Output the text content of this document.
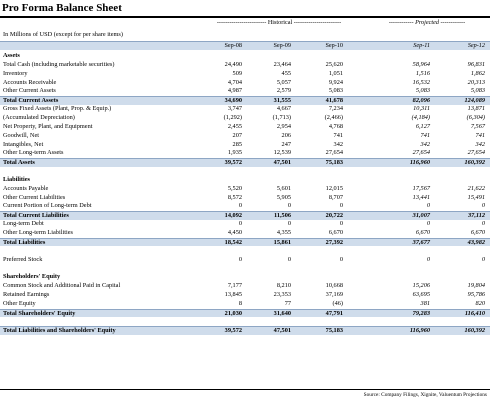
Pro Forma Balance Sheet
------------------------ Historical -----------------------	------------ Projected ------------
In Millions of USD (except for per share items)
Sep-08	Sep-09	Sep-10	Sep-11	Sep-12
Assets
Total Cash (including marketable securities)	24,490	23,464	25,620	58,964	96,831
Inventory	509	455	1,051	1,516	1,862
Accounts Receivable	4,704	5,057	9,924	16,532	20,313
Other Current Assets	4,987	2,579	5,083	5,083	5,083
Total Current Assets	34,690	31,555	41,678	82,096	124,089
Gross Fixed Assets (Plant, Prop. & Equip.)	3,747	4,667	7,234	10,311	13,871
(Accumulated Depreciation)	(1,292)	(1,713)	(2,466)	(4,184)	(6,304)
Net Property, Plant, and Equipment	2,455	2,954	4,768	6,127	7,567
Goodwill, Net	207	206	741	741	741
Intangibles, Net	285	247	342	342	342
Other Long-term Assets	1,935	12,539	27,654	27,654	27,654
Total Assets	39,572	47,501	75,183	116,960	160,392
Liabilities
Accounts Payable	5,520	5,601	12,015	17,567	21,622
Other Current Liabilities	8,572	5,905	8,707	13,441	15,491
Current Portion of Long-term Debt	0	0	0	0	0
Total Current Liabilities	14,092	11,506	20,722	31,007	37,112
Long-term Debt	0	0	0	0	0
Other Long-term Liabilities	4,450	4,355	6,670	6,670	6,670
Total Liabilities	18,542	15,861	27,392	37,677	43,982
Preferred Stock	0	0	0	0	0
Shareholders' Equity
Common Stock and Additional Paid in Capital	7,177	8,210	10,668	15,206	19,804
Retained Earnings	13,845	23,353	37,169	63,695	95,786
Other Equity	8	77	(46)	381	820
Total Shareholders' Equity	21,030	31,640	47,791	79,283	116,410
Total Liabilities and Shareholders' Equity	39,572	47,501	75,183	116,960	160,392
Source: Company Filings, Xignite, Valuentum Projections
